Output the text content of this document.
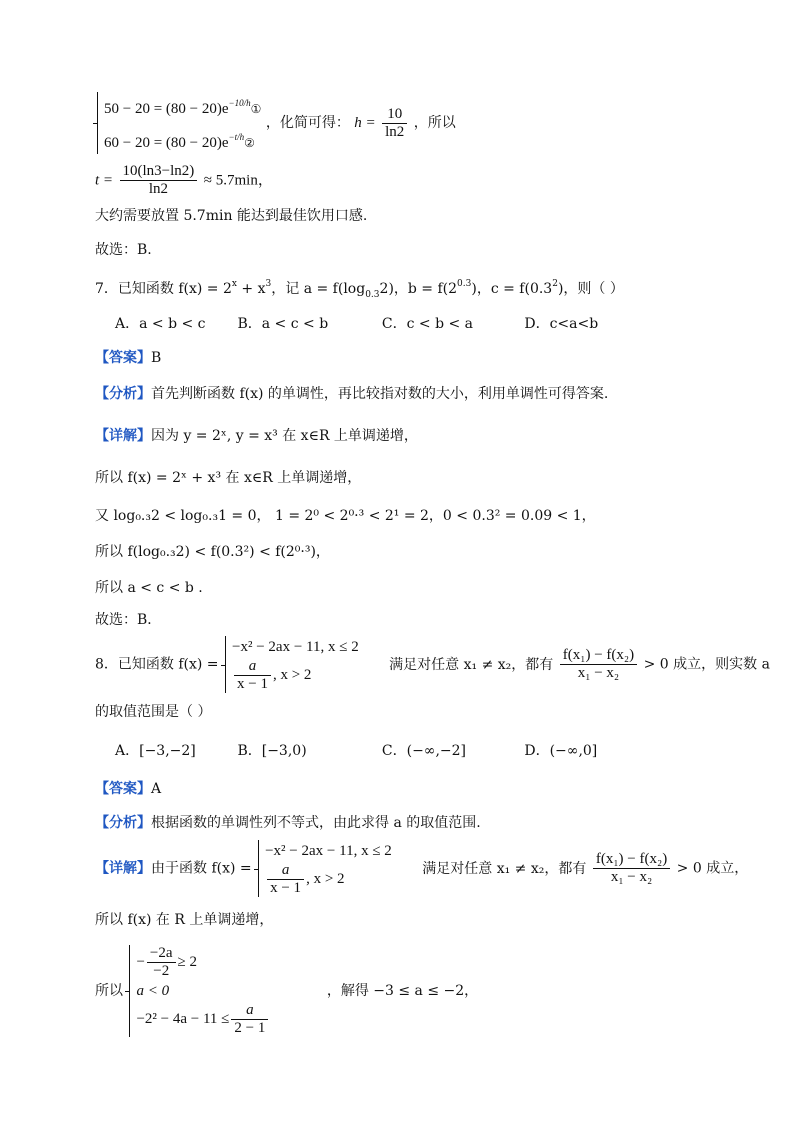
$50 - 20 = (80 - 20)e^{-10/h}①$
$60 - 20 = (80 - 20)e^{-t/h}②$
，化简可得： $h = \frac{10}{\ln 2}$ ，所以
$t = \frac{10(\ln 3-\ln 2)}{\ln 2} \approx 5.7\min$，
大约需要放置 5.7min 能达到最佳饮用口感.
故选：B.
7．已知函数 $f(x) = 2^x + x^3$，记 $a = f(\log_{0.3}2)$，$b = f(2^{0.3})$，$c = f(0.3^2)$，则（ ）
A．a < b < c B．a < c < b	C．c < b < a	D．c<a<b
【答案】B
【分析】首先判断函数 f(x) 的单调性，再比较指对数的大小，利用单调性可得答案.
【详解】因为 y = 2ˣ, y = x³ 在 x∈R 上单调递增，
所以 f(x) = 2ˣ + x³ 在 x∈R 上单调递增，
又 log₀.₃2 < log₀.₃1 = 0， 1 = 2⁰ < 2⁰·³ < 2¹ = 2，0 < 0.3² = 0.09 < 1，
所以 f(log₀.₃2) < f(0.3²) < f(2⁰·³)，
所以 a < c < b .
故选：B．
8．已知函数 f(x) =
−x² − 2ax − 11, x ≤ 2
$\frac{a}{x - 1}$ , x > 2
满足对任意 x₁ ≠ x₂，都有 $\frac{\text{f(x₁) − f(x₂)}}{\text{x₁ − x₂}} > 0$ 成立，则实数 a
的取值范围是（ ）
A．[−3,−2]	B．[−3,0)	C．(−∞,−2]	D．(−∞,0]
【答案】A
【分析】根据函数的单调性列不等式，由此求得 a 的取值范围.
【详解】由于函数 f(x) =
−x² − 2ax − 11, x ≤ 2
$\frac{a}{x - 1}$ , x > 2
满足对任意 x₁ ≠ x₂，都有 $\frac{\text{f(x₁) − f(x₂)}}{\text{x₁ − x₂}} > 0$ 成立，
所以 f(x) 在 R 上单调递增，
所以
− $\frac{-2a}{-2} \ge 2$
a < 0
$-2^2 - 4a - 11 \le \frac{a}{2 - 1}$
，解得 −3 ≤ a ≤ −2，
